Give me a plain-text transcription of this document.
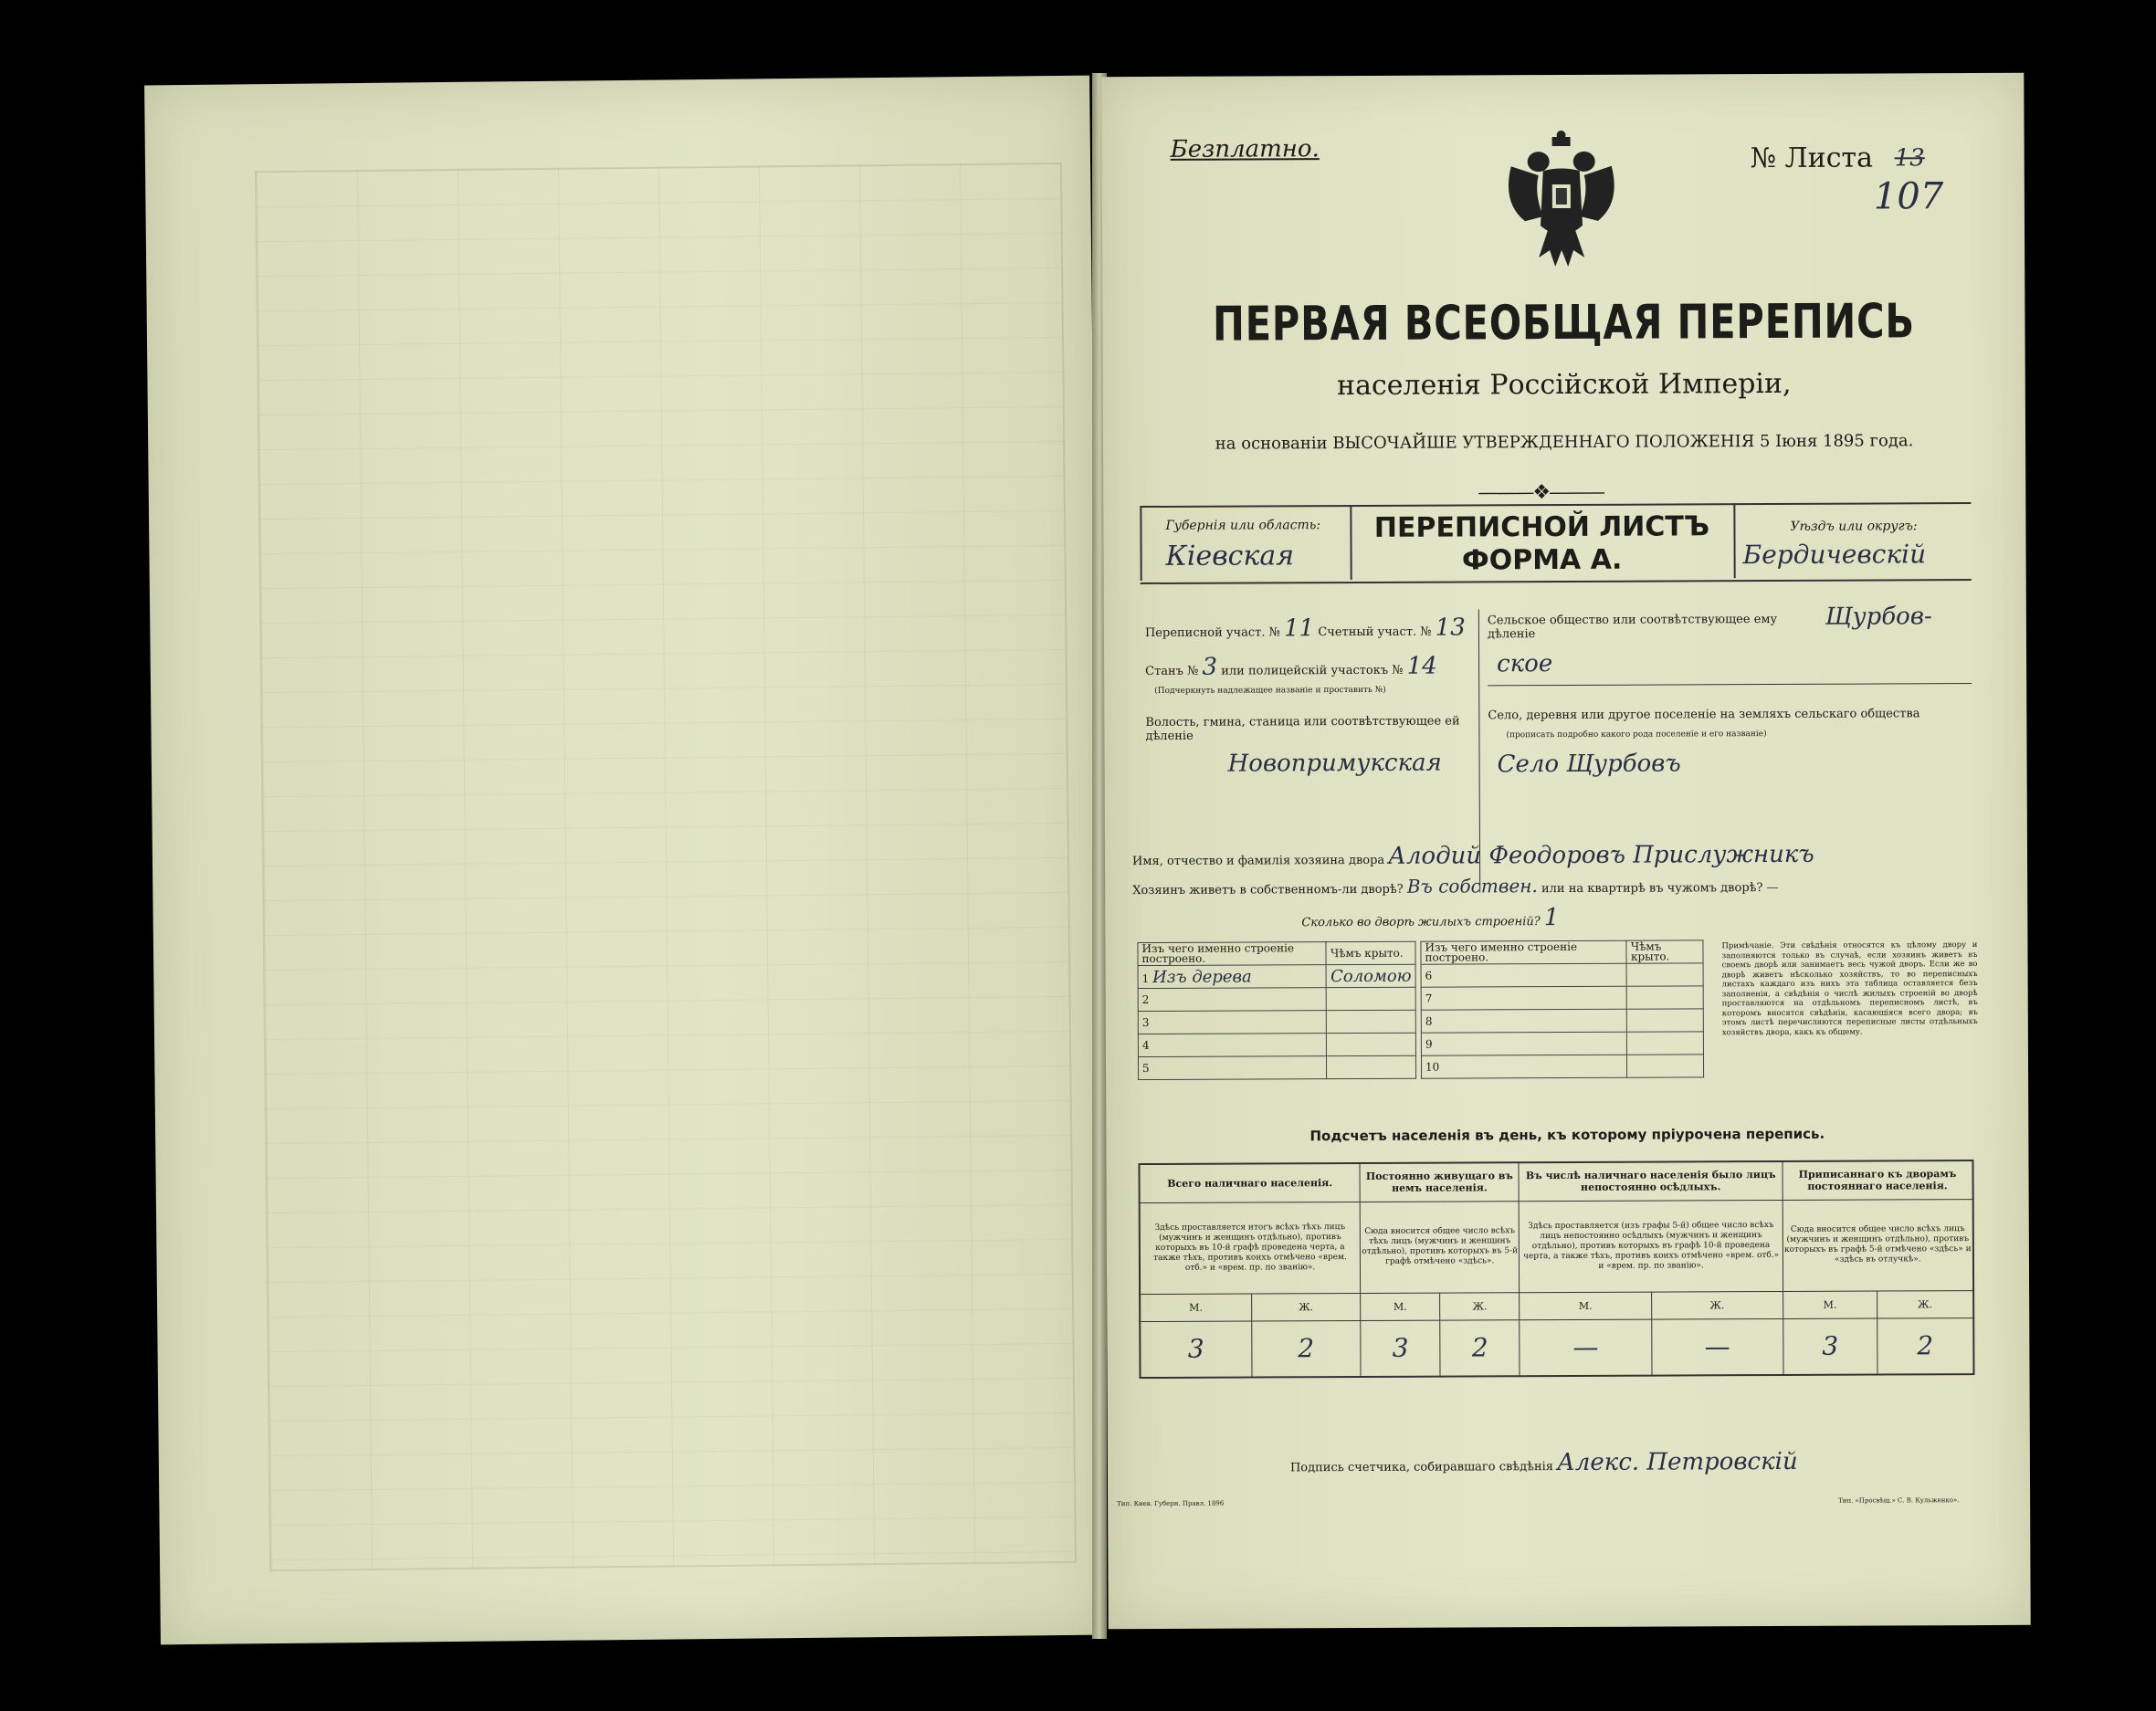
Безплатно.	№ Листа 13
107
ПЕРВАЯ ВСЕОБЩАЯ ПЕРЕПИСЬ
населенія Россійской Имперіи,
на основаніи ВЫСОЧАЙШЕ УТВЕРЖДЕННАГО ПОЛОЖЕНІЯ 5 Іюня 1895 года.
———❖———
Губернія или область:
Кіевская
ПЕРЕПИСНОЙ ЛИСТЪ
ФОРМА А.
Уѣздъ или округъ:
Бердичевскій
Переписной участ. № 11 Счетный участ. № 13
Станъ № 3 или полицейскій участокъ № 14
(Подчеркнуть надлежащее названіе и проставить №)
Волость, гмина, станица или соотвѣтствующее ей дѣленіе
Новопримукская
Сельское общество или соотвѣтствующее ему дѣленіе
Щурбов-
ское
Село, деревня или другое поселеніе на земляхъ сельскаго общества
(прописать подробно какого рода поселеніе и его названіе)
Село Щурбовъ
Имя, отчество и фамилія хозяина двора Алодий Феодоровъ Прислужникъ
Хозяинъ живетъ в собственномъ-ли дворѣ? Въ собствен. или на квартирѣ въ чужомъ дворѣ? —
Сколько во дворѣ жилыхъ строеній? 1
Изъ чего именно строеніе построено.	Чѣмъ крыто.
1 Изъ дерева	Соломою
2	
3	
4	
5	
Изъ чего именно строеніе построено.	Чѣмъ крыто.
6	
7	
8	
9	
10	
Примѣчаніе. Эти свѣдѣнія относятся къ цѣлому двору и заполняются только въ случаѣ, если хозяинъ живетъ въ своемъ дворѣ или занимаетъ весь чужой дворъ. Если же во дворѣ живетъ нѣсколько хозяйствъ, то во переписныхъ листахъ каждаго изъ нихъ эта таблица оставляется безъ заполненія, а свѣдѣнія о числѣ жилыхъ строеній во дворѣ проставляются на отдѣльномъ переписномъ листѣ, въ которомъ вносятся свѣдѣнія, касающіяся всего двора; въ этомъ листѣ перечисляются переписные листы отдѣльныхъ хозяйствъ двора, какъ къ общему.
Подсчетъ населенія въ день, къ которому пріурочена перепись.
Всего наличнаго населенія.		Постоянно живущаго въ немъ населенія.		Въ числѣ наличнаго населенія было лицъ непостоянно осѣдлыхъ.		Приписаннаго къ дворамъ постояннаго населенія.	
Здѣсь проставляется итогъ всѣхъ тѣхъ лицъ (мужчинъ и женщинъ отдѣльно), противъ которыхъ въ 10-й графѣ проведена черта, а также тѣхъ, противъ коихъ отмѣчено «врем. отб.» и «врем. пр. по званію».		Сюда вносится общее число всѣхъ тѣхъ лицъ (мужчинъ и женщинъ отдѣльно), противъ которыхъ въ 5-й графѣ отмѣчено «здѣсь».		Здѣсь проставляется (изъ графы 5-й) общее число всѣхъ лицъ непостоянно осѣдлыхъ (мужчинъ и женщинъ отдѣльно), противъ которыхъ въ графѣ 10-й проведена черта, а также тѣхъ, противъ коихъ отмѣчено «врем. отб.» и «врем. пр. по званію».		Сюда вносится общее число всѣхъ лицъ (мужчинъ и женщинъ отдѣльно), противъ которыхъ въ графѣ 5-й отмѣчено «здѣсь» и «здѣсь въ отлучкѣ».	
М.	Ж.	М.	Ж.	М.	Ж.	М.	Ж.
3	2	3	2	—	—	3	2
Подпись счетчика, собиравшаго свѣдѣнія Алекс. Петровскій
Тип. Киев. Губерн. Правл. 1896	Тип. «Просвѣщ.» С. В. Кульженко».
